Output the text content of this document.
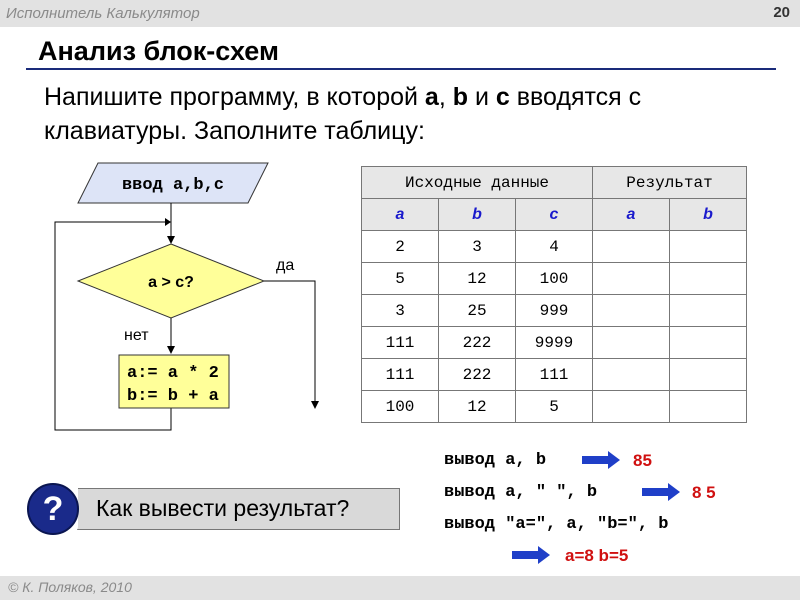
Исполнитель Калькулятор	20
Анализ блок-схем
Напишите программу, в которой a, b и c вводятся с клавиатуры. Заполните таблицу:
ввод a,b,c
a > c?
да
нет
a:= a * 2
b:= b + a
Исходные данные			Результат	
a	b	c	a	b
2	3	4		
5	12	100		
3	25	999		
111	222	9999		
111	222	111		
100	12	5		
вывод a, b	85
вывод a, " ", b	8 5
вывод "a=", a, "b=", b
a=8 b=5
?	Как вывести результат?
© К. Поляков, 2010
